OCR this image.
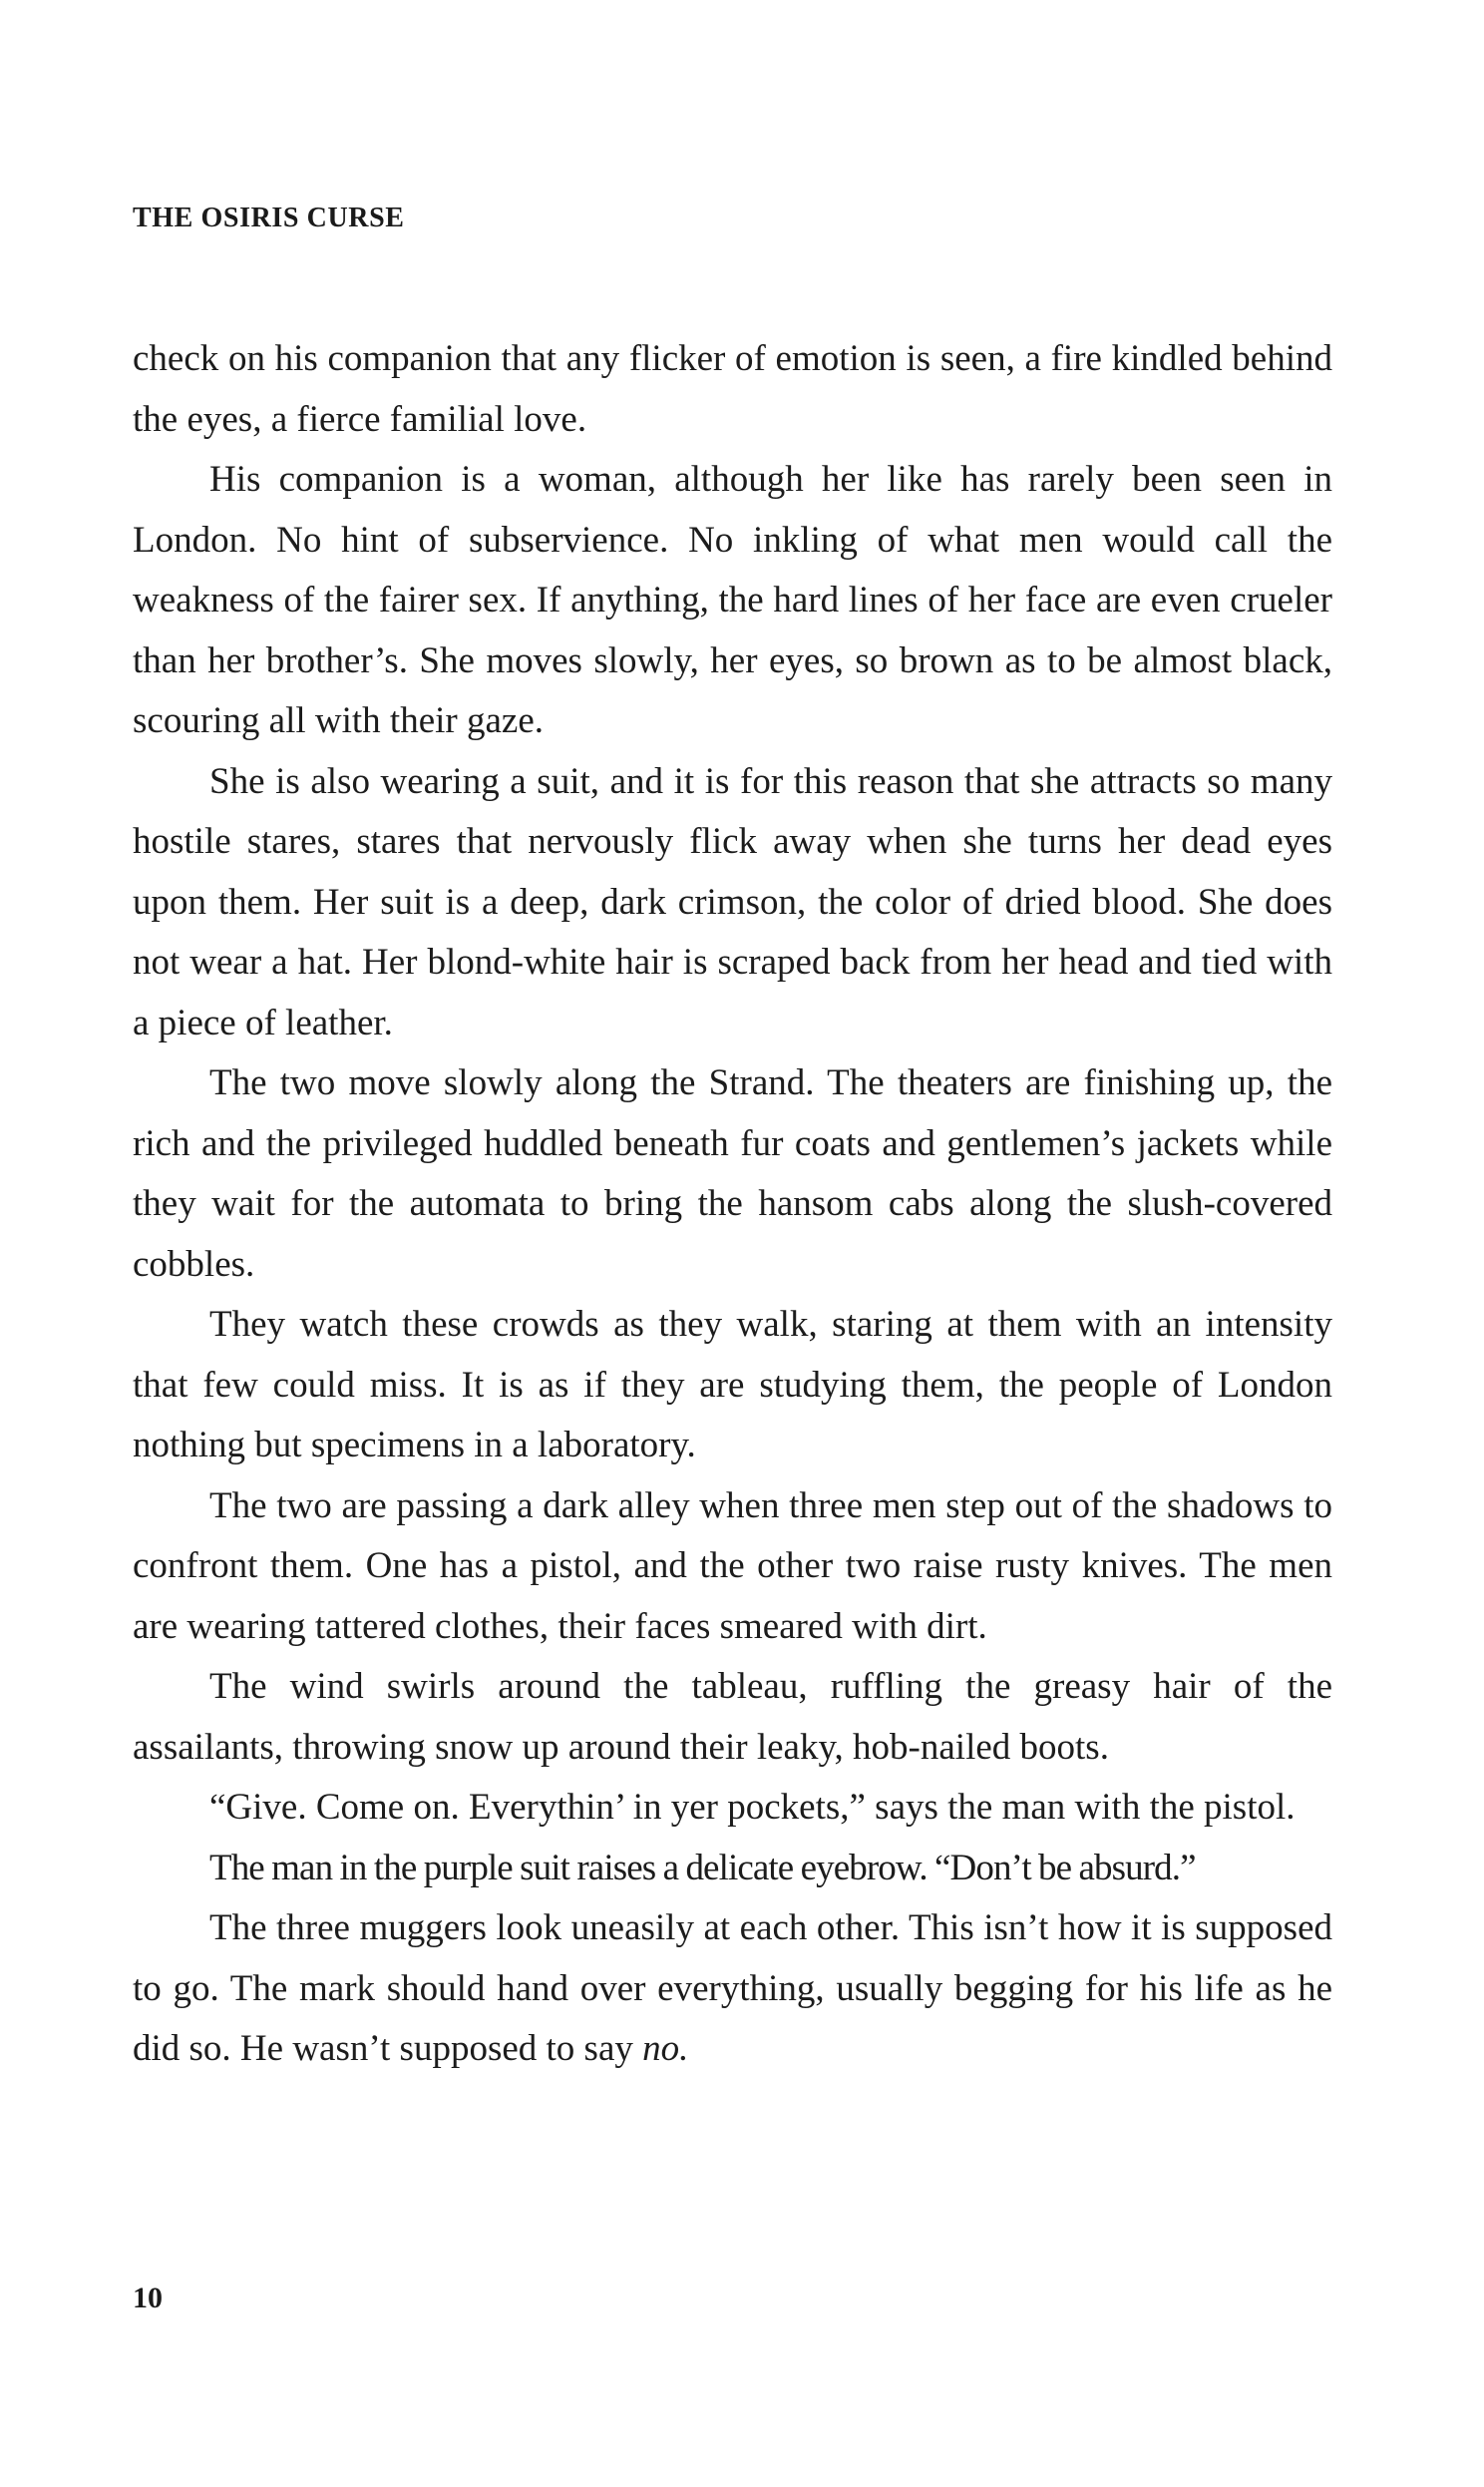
THE OSIRIS CURSE

check on his companion that any flicker of emotion is seen, a fire kindled behind the eyes, a fierce familial love.

His companion is a woman, although her like has rarely been seen in London. No hint of subservience. No inkling of what men would call the weakness of the fairer sex. If anything, the hard lines of her face are even crueler than her brother’s. She moves slowly, her eyes, so brown as to be almost black, scouring all with their gaze.

She is also wearing a suit, and it is for this reason that she attracts so many hostile stares, stares that nervously flick away when she turns her dead eyes upon them. Her suit is a deep, dark crimson, the color of dried blood. She does not wear a hat. Her blond-white hair is scraped back from her head and tied with a piece of leather.

The two move slowly along the Strand. The theaters are finishing up, the rich and the privileged huddled beneath fur coats and gentlemen’s jackets while they wait for the automata to bring the hansom cabs along the slush-covered cobbles.

They watch these crowds as they walk, staring at them with an intensity that few could miss. It is as if they are studying them, the people of London nothing but specimens in a laboratory.

The two are passing a dark alley when three men step out of the shadows to confront them. One has a pistol, and the other two raise rusty knives. The men are wearing tattered clothes, their faces smeared with dirt.

The wind swirls around the tableau, ruffling the greasy hair of the assailants, throwing snow up around their leaky, hob-nailed boots.

“Give. Come on. Everythin’ in yer pockets,” says the man with the pistol.

The man in the purple suit raises a delicate eyebrow. “Don’t be absurd.”

The three muggers look uneasily at each other. This isn’t how it is supposed to go. The mark should hand over everything, usually begging for his life as he did so. He wasn’t supposed to say no.

10
